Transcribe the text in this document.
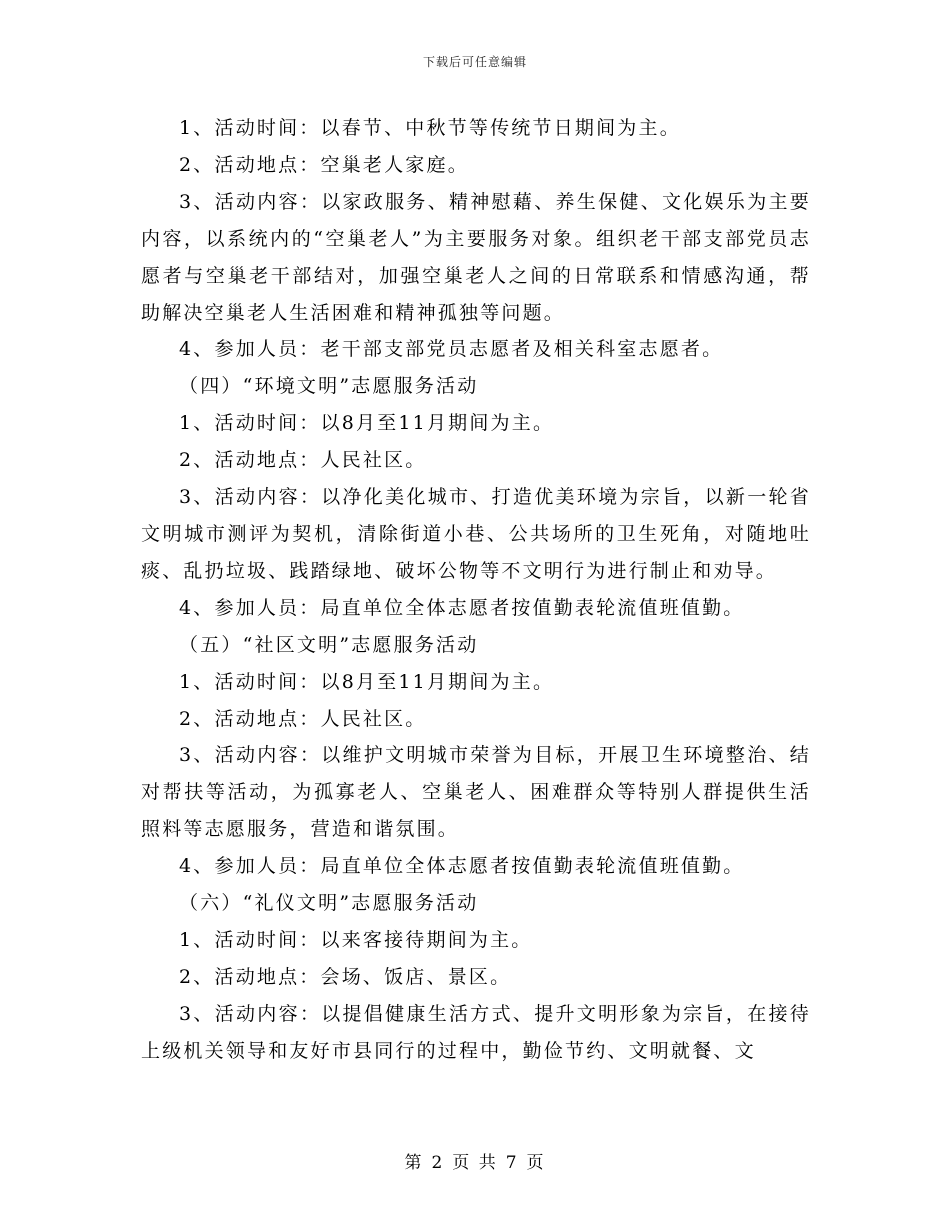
下载后可任意编辑

1、活动时间：以春节、中秋节等传统节日期间为主。

2、活动地点：空巢老人家庭。

3、活动内容：以家政服务、精神慰藉、养生保健、文化娱乐为主要内容，以系统内的“空巢老人”为主要服务对象。组织老干部支部党员志愿者与空巢老干部结对，加强空巢老人之间的日常联系和情感沟通，帮助解决空巢老人生活困难和精神孤独等问题。

4、参加人员：老干部支部党员志愿者及相关科室志愿者。

（四）“环境文明”志愿服务活动

1、活动时间：以8月至11月期间为主。

2、活动地点：人民社区。

3、活动内容：以净化美化城市、打造优美环境为宗旨，以新一轮省文明城市测评为契机，清除街道小巷、公共场所的卫生死角，对随地吐痰、乱扔垃圾、践踏绿地、破坏公物等不文明行为进行制止和劝导。

4、参加人员：局直单位全体志愿者按值勤表轮流值班值勤。

（五）“社区文明”志愿服务活动

1、活动时间：以8月至11月期间为主。

2、活动地点：人民社区。

3、活动内容：以维护文明城市荣誉为目标，开展卫生环境整治、结对帮扶等活动，为孤寡老人、空巢老人、困难群众等特别人群提供生活照料等志愿服务，营造和谐氛围。

4、参加人员：局直单位全体志愿者按值勤表轮流值班值勤。

（六）“礼仪文明”志愿服务活动

1、活动时间：以来客接待期间为主。

2、活动地点：会场、饭店、景区。

3、活动内容：以提倡健康生活方式、提升文明形象为宗旨，在接待上级机关领导和友好市县同行的过程中，勤俭节约、文明就餐、文

第 2 页 共 7 页
